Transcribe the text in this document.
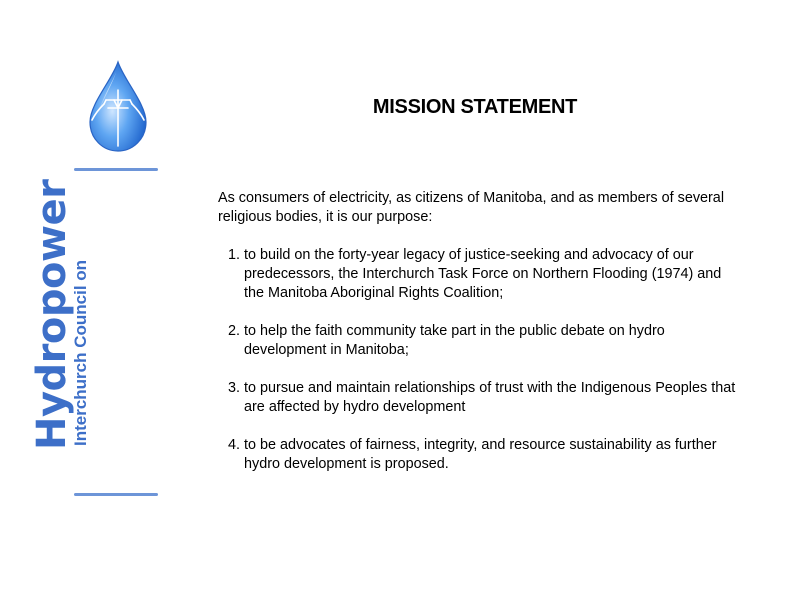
Hydropower
Interchurch Council on
MISSION STATEMENT
As consumers of electricity, as citizens of Manitoba, and as members of several religious bodies, it is our purpose:
1. to build on the forty-year legacy of justice-seeking and advocacy of our predecessors, the Interchurch Task Force on Northern Flooding (1974) and the Manitoba Aboriginal Rights Coalition;
2. to help the faith community take part in the public debate on hydro development in Manitoba;
3. to pursue and maintain relationships of trust with the Indigenous Peoples that are affected by hydro development
4. to be advocates of fairness, integrity, and resource sustainability as further hydro development is proposed.
